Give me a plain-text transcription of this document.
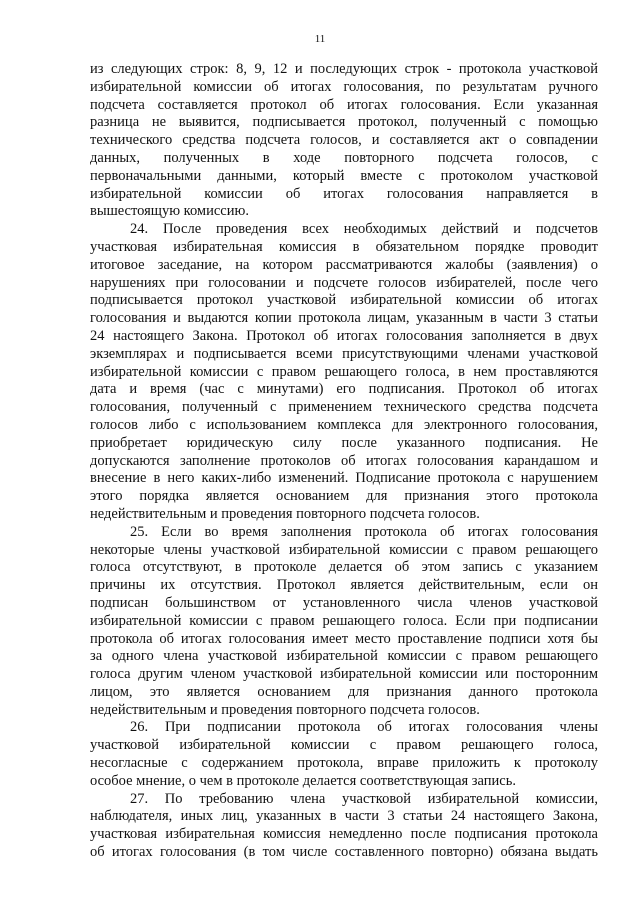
11
из следующих строк: 8, 9, 12 и последующих строк - протокола участковой
избирательной комиссии об итогах голосования, по результатам ручного
подсчета составляется протокол об итогах голосования. Если указанная
разница не выявится, подписывается протокол, полученный с помощью
технического средства подсчета голосов, и составляется акт о совпадении
данных, полученных в ходе повторного подсчета голосов, с
первоначальными данными, который вместе с протоколом участковой
избирательной комиссии об итогах голосования направляется в
вышестоящую комиссию.
24. После проведения всех необходимых действий и подсчетов
участковая избирательная комиссия в обязательном порядке проводит
итоговое заседание, на котором рассматриваются жалобы (заявления) о
нарушениях при голосовании и подсчете голосов избирателей, после чего
подписывается протокол участковой избирательной комиссии об итогах
голосования и выдаются копии протокола лицам, указанным в части 3 статьи
24 настоящего Закона. Протокол об итогах голосования заполняется в двух
экземплярах и подписывается всеми присутствующими членами участковой
избирательной комиссии с правом решающего голоса, в нем проставляются
дата и время (час с минутами) его подписания. Протокол об итогах
голосования, полученный с применением технического средства подсчета
голосов либо с использованием комплекса для электронного голосования,
приобретает юридическую силу после указанного подписания. Не
допускаются заполнение протоколов об итогах голосования карандашом и
внесение в него каких-либо изменений. Подписание протокола с нарушением
этого порядка является основанием для признания этого протокола
недействительным и проведения повторного подсчета голосов.
25. Если во время заполнения протокола об итогах голосования
некоторые члены участковой избирательной комиссии с правом решающего
голоса отсутствуют, в протоколе делается об этом запись с указанием
причины их отсутствия. Протокол является действительным, если он
подписан большинством от установленного числа членов участковой
избирательной комиссии с правом решающего голоса. Если при подписании
протокола об итогах голосования имеет место проставление подписи хотя бы
за одного члена участковой избирательной комиссии с правом решающего
голоса другим членом участковой избирательной комиссии или посторонним
лицом, это является основанием для признания данного протокола
недействительным и проведения повторного подсчета голосов.
26. При подписании протокола об итогах голосования члены
участковой избирательной комиссии с правом решающего голоса,
несогласные с содержанием протокола, вправе приложить к протоколу
особое мнение, о чем в протоколе делается соответствующая запись.
27. По требованию члена участковой избирательной комиссии,
наблюдателя, иных лиц, указанных в части 3 статьи 24 настоящего Закона,
участковая избирательная комиссия немедленно после подписания протокола
об итогах голосования (в том числе составленного повторно) обязана выдать
